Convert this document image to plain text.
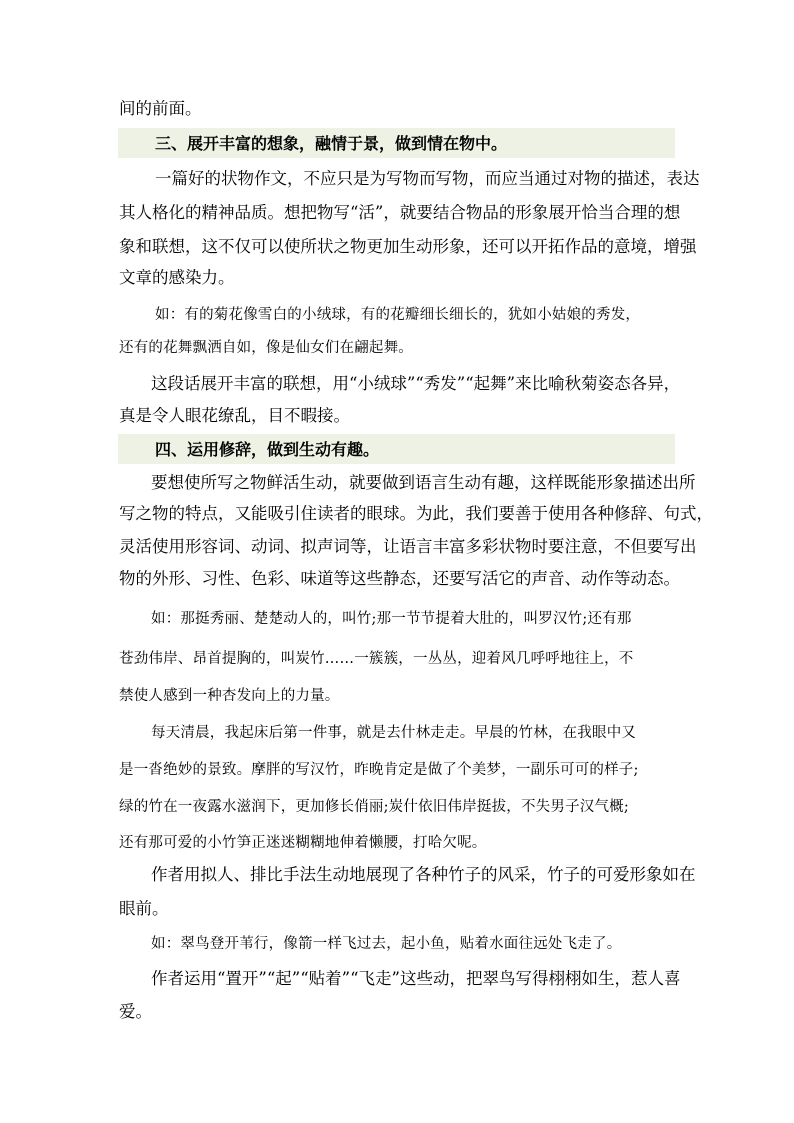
间的前面。
三、展开丰富的想象，融情于景，做到情在物中。
一篇好的状物作文，不应只是为写物而写物，而应当通过对物的描述，表达
其人格化的精神品质。想把物写“活”，就要结合物品的形象展开恰当合理的想
象和联想，这不仅可以使所状之物更加生动形象，还可以开拓作品的意境，增强
文章的感染力。
如：有的菊花像雪白的小绒球，有的花瓣细长细长的，犹如小姑娘的秀发，
还有的花舞飘洒自如，像是仙女们在翩起舞。
这段话展开丰富的联想，用“小绒球”“秀发”“起舞”来比喻秋菊姿态各异，
真是令人眼花缭乱，目不暇接。
四、运用修辞，做到生动有趣。
要想使所写之物鲜活生动，就要做到语言生动有趣，这样既能形象描述出所
写之物的特点，又能吸引住读者的眼球。为此，我们要善于使用各种修辞、句式，
灵活使用形容词、动词、拟声词等，让语言丰富多彩状物时要注意，不但要写出
物的外形、习性、色彩、味道等这些静态，还要写活它的声音、动作等动态。
如：那挺秀丽、楚楚动人的，叫竹;那一节节提着大肚的，叫罗汉竹;还有那
苍劲伟岸、昂首提胸的，叫炭竹……一簇簇，一丛丛，迎着风几呼呼地往上，不
禁使人感到一种杏发向上的力量。
每天清晨，我起床后第一件事，就是去什林走走。早晨的竹林，在我眼中又
是一沓绝妙的景致。摩胖的写汉竹，昨晚肯定是做了个美梦，一副乐可可的样子;
绿的竹在一夜露水滋润下，更加修长俏丽;炭什依旧伟岸挺拔，不失男子汉气概;
还有那可爱的小竹笋正迷迷糊糊地伸着懒腰，打哈欠呢。
作者用拟人、排比手法生动地展现了各种竹子的风采，竹子的可爱形象如在
眼前。
如：翠鸟登开苇行，像箭一样飞过去，起小鱼，贴着水面往远处飞走了。
作者运用“置开”“起”“贴着”“飞走”这些动，把翠鸟写得栩栩如生，惹人喜
爱。
